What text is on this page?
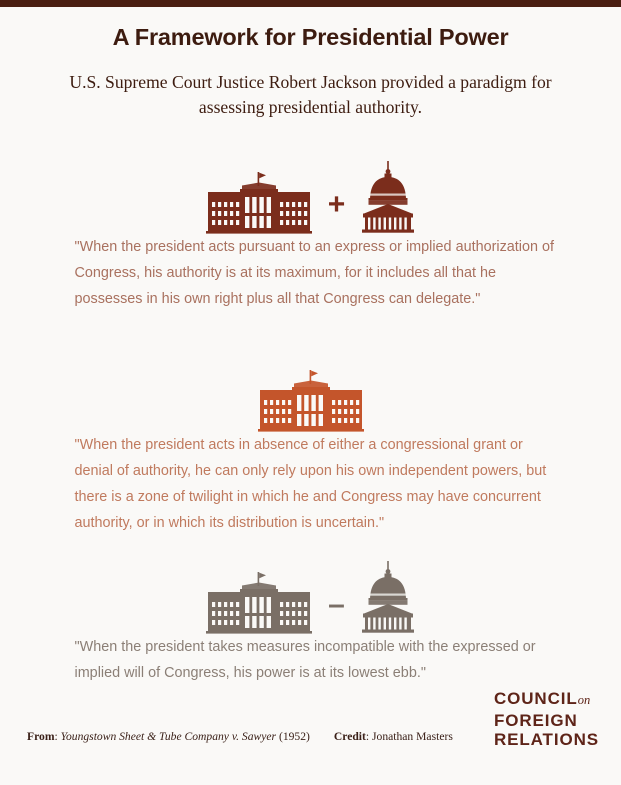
A Framework for Presidential Power

U.S. Supreme Court Justice Robert Jackson provided a paradigm for assessing presidential authority.

+

"When the president acts pursuant to an express or implied authorization of Congress, his authority is at its maximum, for it includes all that he possesses in his own right plus all that Congress can delegate."

"When the president acts in absence of either a congressional grant or denial of authority, he can only rely upon his own independent powers, but there is a zone of twilight in which he and Congress may have concurrent authority, or in which its distribution is uncertain."

–

"When the president takes measures incompatible with the expressed or implied will of Congress, his power is at its lowest ebb."

COUNCILon
FOREIGN
RELATIONS
From: Youngstown Sheet & Tube Company v. Sawyer (1952) Credit: Jonathan Masters
